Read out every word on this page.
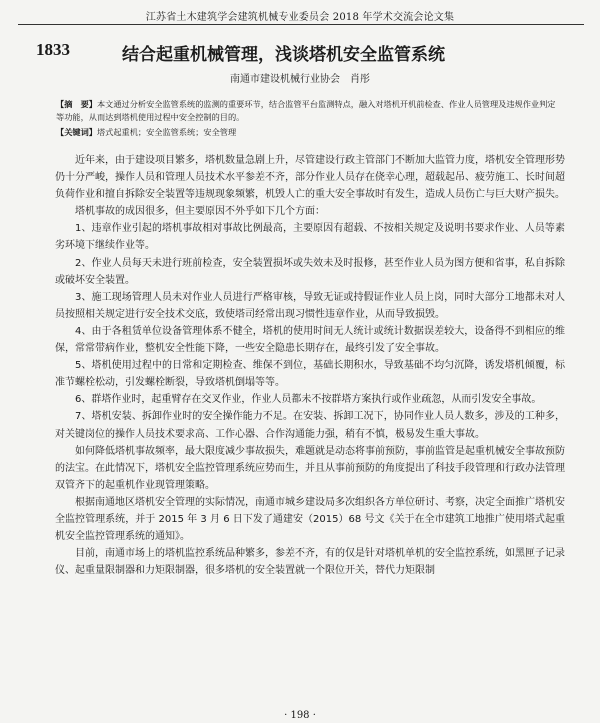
江苏省土木建筑学会建筑机械专业委员会 2018 年学术交流会论文集
1833	结合起重机械管理，浅谈塔机安全监管系统
南通市建设机械行业协会　肖彤
【摘　要】本文通过分析安全监管系统的监测的重要环节，结合监管平台监测特点，融入对塔机开机前检查、作业人员管理及违规作业判定等功能，从而达到塔机使用过程中安全控制的目的。
【关键词】塔式起重机；安全监管系统；安全管理

近年来，由于建设项目繁多，塔机数量急剧上升，尽管建设行政主管部门不断加大监管力度，塔机安全管理形势仍十分严峻，操作人员和管理人员技术水平参差不齐，部分作业人员存在侥幸心理，超载起吊、疲劳施工、长时间超负荷作业和擅自拆除安全装置等违规现象频繁，机毁人亡的重大安全事故时有发生，造成人员伤亡与巨大财产损失。

塔机事故的成因很多，但主要原因不外乎如下几个方面：

1、违章作业引起的塔机事故相对事故比例最高，主要原因有超载、不按相关规定及说明书要求作业、人员等素劣环境下继续作业等。

2、作业人员每天未进行班前检查，安全装置损坏或失效未及时报修，甚至作业人员为图方便和省事，私自拆除或破坏安全装置。

3、施工现场管理人员未对作业人员进行严格审核，导致无证或持假证作业人员上岗，同时大部分工地都未对人员按照相关规定进行安全技术交底，致使塔司经常出现习惯性违章作业，从而导致损毁。

4、由于各租赁单位设备管理体系不健全，塔机的使用时间无人统计或统计数据误差较大，设备得不到相应的维保，常常带病作业，整机安全性能下降，一些安全隐患长期存在，最终引发了安全事故。

5、塔机使用过程中的日常和定期检查、维保不到位，基础长期积水，导致基础不均匀沉降，诱发塔机倾覆，标准节螺栓松动，引发螺栓断裂，导致塔机倒塌等等。

6、群塔作业时，起重臂存在交叉作业，作业人员都未不按群塔方案执行或作业疏忽，从而引发安全事故。

7、塔机安装、拆卸作业时的安全操作能力不足。在安装、拆卸工况下，协同作业人员人数多，涉及的工种多，对关键岗位的操作人员技术要求高、工作心器、合作沟通能力强，稍有不慎，极易发生重大事故。

如何降低塔机事故频率，最大限度减少事故损失，难题就是动态将事前预防，事前监管是起重机械安全事故预防的法宝。在此情况下，塔机安全监控管理系统应势而生，并且从事前预防的角度提出了科技手段管理和行政办法管理双管齐下的起重机作业现管理策略。

根据南通地区塔机安全管理的实际情况，南通市城乡建设局多次组织各方单位研讨、考察，决定全面推广塔机安全监控管理系统，并于 2015 年 3 月 6 日下发了通建安（2015）68 号文《关于在全市建筑工地推广使用塔式起重机安全监控管理系统的通知》。

目前，南通市场上的塔机监控系统品种繁多，参差不齐，有的仅是针对塔机单机的安全监控系统，如黑匣子记录仪、起重量限制器和力矩限制器，很多塔机的安全装置就一个限位开关，替代力矩限制

· 198 ·
